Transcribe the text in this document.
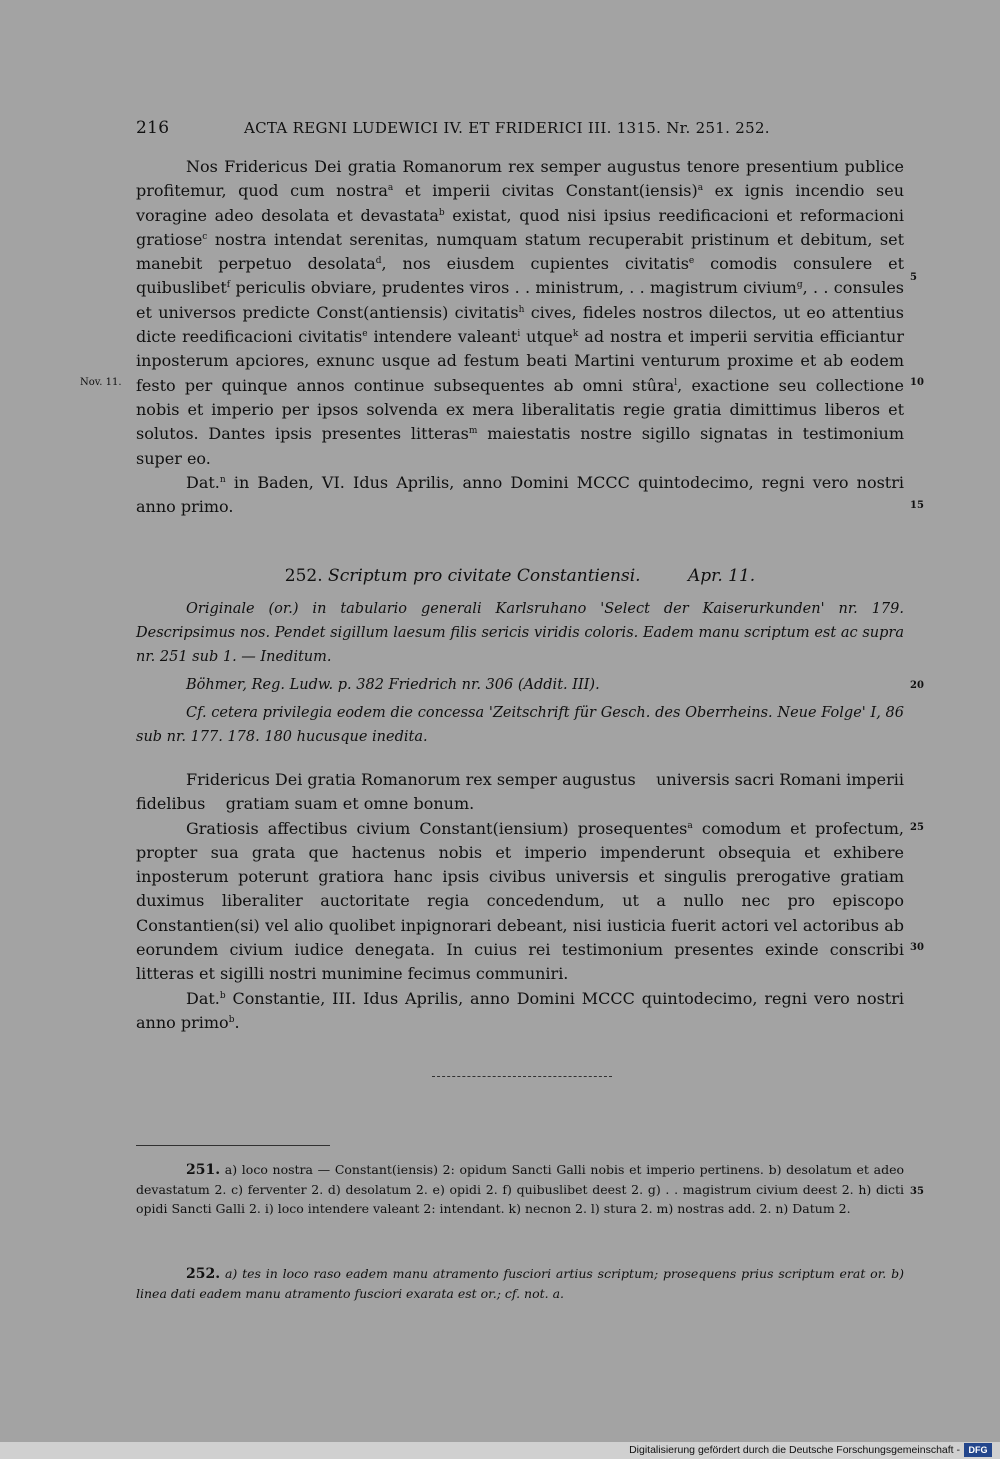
216	ACTA REGNI LUDEWICI IV. ET FRIDERICI III. 1315. Nr. 251. 252.

Nos Fridericus Dei gratia Romanorum rex semper augustus tenore presentium publice profitemur, quod cum nostra$^a$ et imperii civitas Constant(iensis)$^a$ ex ignis incendio seu voragine adeo desolata et devastata$^b$ existat, quod nisi ipsius reedificacioni et reformacioni gratiose$^c$ nostra intendat serenitas, numquam statum recuperabit pristinum et debitum, set manebit perpetuo desolata$^d$, nos eiusdem cupientes civitatis$^e$ comodis consulere et quibuslibet$^f$ periculis obviare, prudentes viros . . ministrum, . . magistrum civium$^g$, . . consules et universos predicte Const(antiensis) civitatis$^h$ cives, fideles nostros dilectos, ut eo attentius dicte reedificacioni civitatis$^e$ intendere valeant$^i$ utque$^k$ ad nostra et imperii servitia efficiantur inposterum apciores, exnunc usque ad festum beati Martini venturum proxime et ab eodem festo per quinque annos continue subsequentes ab omni stûra$^l$, exactione seu collectione nobis et imperio per ipsos solvenda ex mera liberalitatis regie gratia dimittimus liberos et solutos. Dantes ipsis presentes litteras$^m$ maiestatis nostre sigillo signatas in testimonium super eo.

Dat.$^n$ in Baden, VI. Idus Aprilis, anno Domini MCCC quintodecimo, regni vero nostri anno primo.

Nov. 11.
5
10
15
20
25
30
35
252. Scriptum pro civitate Constantiensi.	Apr. 11.

Originale (or.) in tabulario generali Karlsruhano 'Select der Kaiserurkunden' nr. 179. Descripsimus nos. Pendet sigillum laesum filis sericis viridis coloris. Eadem manu scriptum est ac supra nr. 251 sub 1. — Ineditum.

Böhmer, Reg. Ludw. p. 382 Friedrich nr. 306 (Addit. III).

Cf. cetera privilegia eodem die concessa 'Zeitschrift für Gesch. des Oberrheins. Neue Folge' I, 86 sub nr. 177. 178. 180 hucusque inedita.

Fridericus Dei gratia Romanorum rex semper augustus    universis sacri Romani imperii fidelibus    gratiam suam et omne bonum.

Gratiosis affectibus civium Constant(iensium) prosequentes$^a$ comodum et profectum, propter sua grata que hactenus nobis et imperio impenderunt obsequia et exhibere inposterum poterunt gratiora hanc ipsis civibus universis et singulis prerogative gratiam duximus liberaliter auctoritate regia concedendum, ut a nullo nec pro episcopo Constantien(si) vel alio quolibet inpignorari debeant, nisi iusticia fuerit actori vel actoribus ab eorundem civium iudice denegata. In cuius rei testimonium presentes exinde conscribi litteras et sigilli nostri munimine fecimus communiri.

Dat.$^b$ Constantie, III. Idus Aprilis, anno Domini MCCC quintodecimo, regni vero nostri anno primo$^b$.

251. a) loco nostra — Constant(iensis) 2: opidum Sancti Galli nobis et imperio pertinens. b) desolatum et adeo devastatum 2. c) ferventer 2. d) desolatum 2. e) opidi 2. f) quibuslibet deest 2. g) . . magistrum civium deest 2. h) dicti opidi Sancti Galli 2. i) loco intendere valeant 2: intendant. k) necnon 2. l) stura 2. m) nostras add. 2. n) Datum 2.

252. a) tes in loco raso eadem manu atramento fusciori artius scriptum; prosequens prius scriptum erat or. b) linea dati eadem manu atramento fusciori exarata est or.; cf. not. a.

Digitalisierung gefördert durch die Deutsche Forschungsgemeinschaft - DFG
